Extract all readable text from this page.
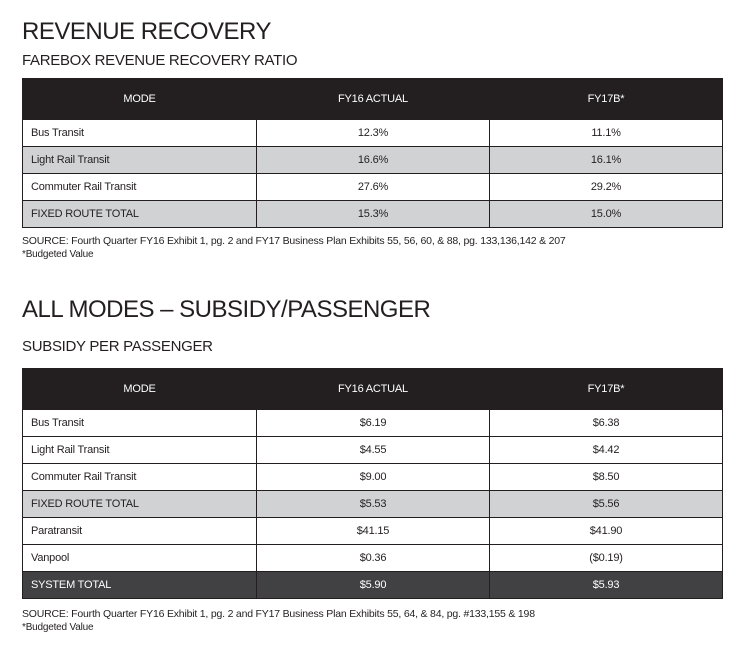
REVENUE RECOVERY
FAREBOX REVENUE RECOVERY RATIO
MODE	FY16 ACTUAL	FY17B*
Bus Transit	12.3%	11.1%
Light Rail Transit	16.6%	16.1%
Commuter Rail Transit	27.6%	29.2%
FIXED ROUTE TOTAL	15.3%	15.0%

SOURCE: Fourth Quarter FY16 Exhibit 1, pg. 2 and FY17 Business Plan Exhibits 55, 56, 60, & 88, pg. 133,136,142 & 207

*Budgeted Value

ALL MODES – SUBSIDY/PASSENGER
SUBSIDY PER PASSENGER
MODE	FY16 ACTUAL	FY17B*
Bus Transit	$6.19	$6.38
Light Rail Transit	$4.55	$4.42
Commuter Rail Transit	$9.00	$8.50
FIXED ROUTE TOTAL	$5.53	$5.56
Paratransit	$41.15	$41.90
Vanpool	$0.36	($0.19)
SYSTEM TOTAL	$5.90	$5.93

SOURCE: Fourth Quarter FY16 Exhibit 1, pg. 2 and FY17 Business Plan Exhibits 55, 64, & 84, pg. #133,155 & 198

*Budgeted Value
